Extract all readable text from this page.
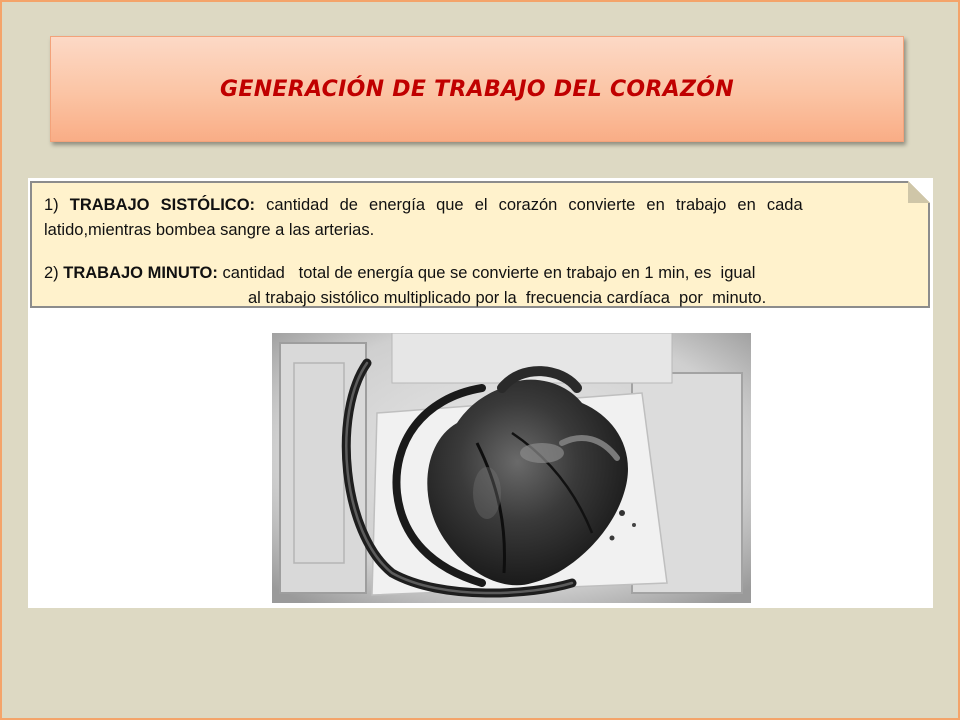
GENERACIÓN DE TRABAJO DEL CORAZÓN
1) TRABAJO SISTÓLICO: cantidad de energía que el corazón convierte en trabajo en cada
latido,mientras bombea sangre a las arterias.
2) TRABAJO MINUTO: cantidad   total de energía que se convierte en trabajo en 1 min, es  igual
al trabajo sistólico multiplicado por la  frecuencia cardíaca  por  minuto.
